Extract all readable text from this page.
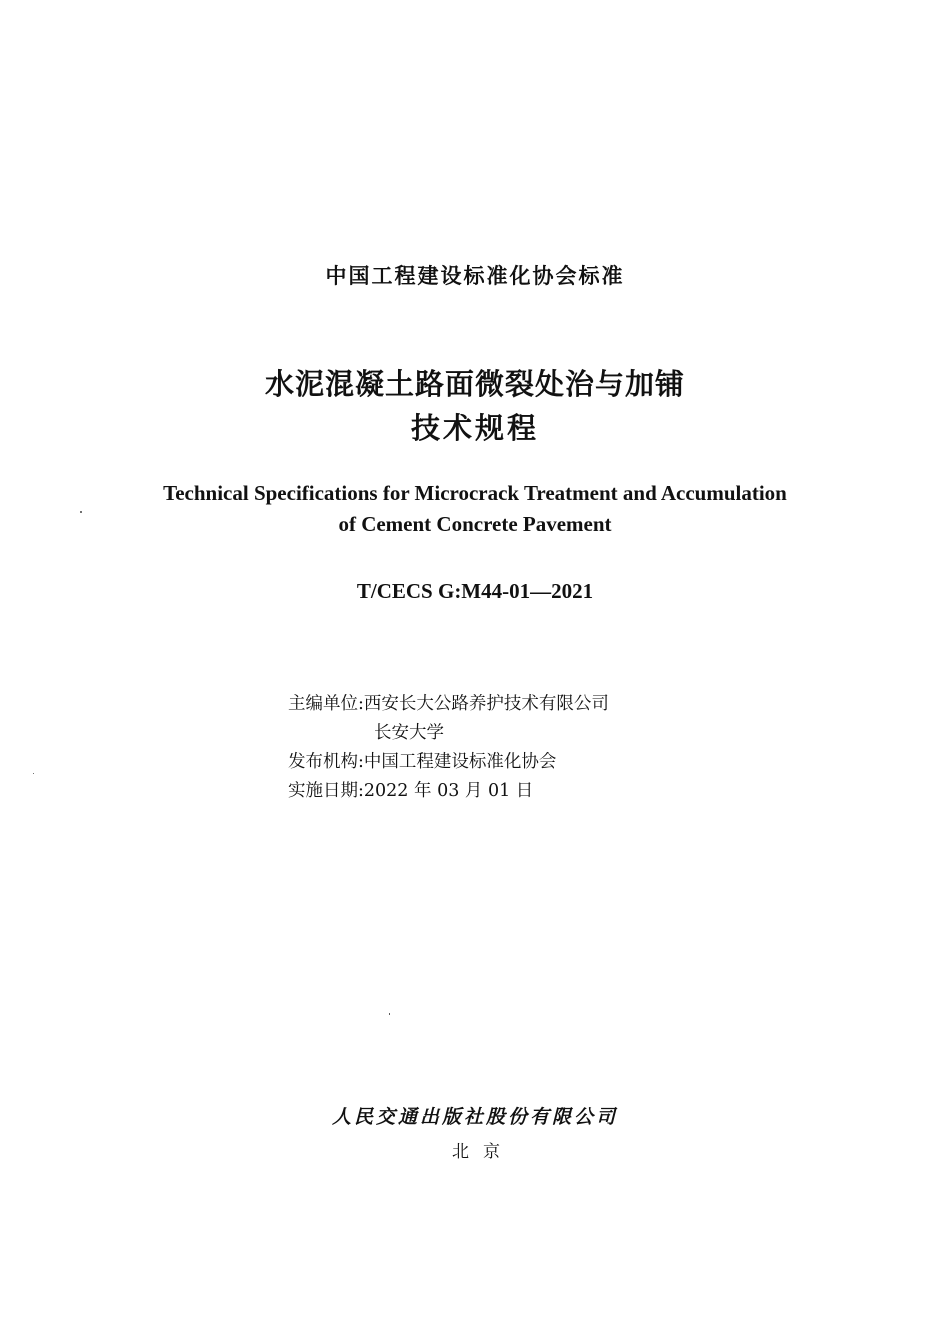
中国工程建设标准化协会标准
水泥混凝土路面微裂处治与加铺
技术规程
Technical Specifications for Microcrack Treatment and Accumulation
of Cement Concrete Pavement
T/CECS G:M44-01—2021
主编单位:西安长大公路养护技术有限公司
长安大学
发布机构:中国工程建设标准化协会
实施日期:2022 年 03 月 01 日
人民交通出版社股份有限公司
北京
